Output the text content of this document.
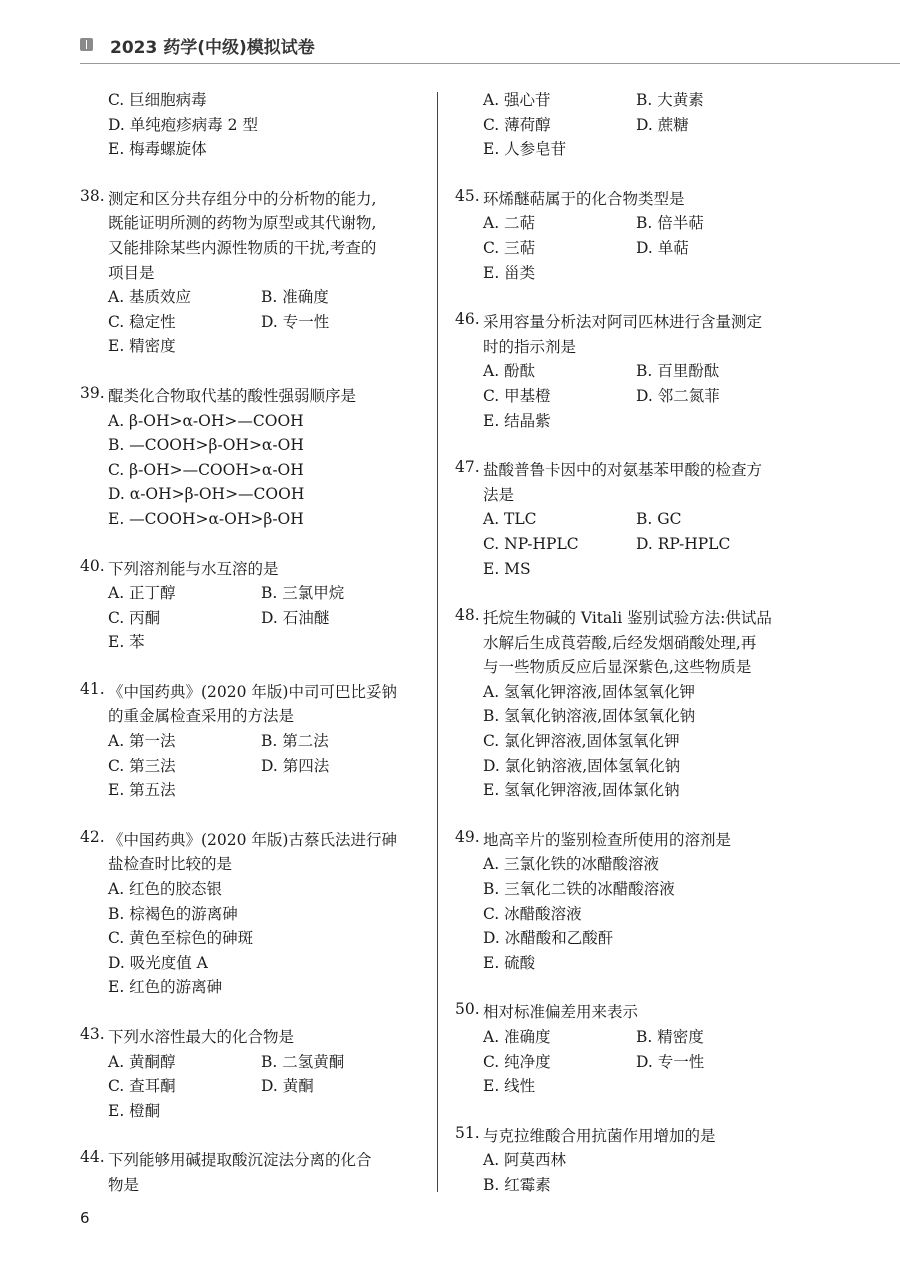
2023 药学(中级)模拟试卷
C. 巨细胞病毒
D. 单纯疱疹病毒 2 型
E. 梅毒螺旋体
38. 测定和区分共存组分中的分析物的能力,
既能证明所测的药物为原型或其代谢物,
又能排除某些内源性物质的干扰,考查的
项目是
A. 基质效应	B. 准确度
C. 稳定性	D. 专一性
E. 精密度
39. 醌类化合物取代基的酸性强弱顺序是
A. β-OH>α-OH>—COOH
B. —COOH>β-OH>α-OH
C. β-OH>—COOH>α-OH
D. α-OH>β-OH>—COOH
E. —COOH>α-OH>β-OH
40. 下列溶剂能与水互溶的是
A. 正丁醇	B. 三氯甲烷
C. 丙酮	D. 石油醚
E. 苯
41. 《中国药典》(2020 年版)中司可巴比妥钠
的重金属检查采用的方法是
A. 第一法	B. 第二法
C. 第三法	D. 第四法
E. 第五法
42. 《中国药典》(2020 年版)古蔡氏法进行砷
盐检查时比较的是
A. 红色的胶态银
B. 棕褐色的游离砷
C. 黄色至棕色的砷斑
D. 吸光度值 A
E. 红色的游离砷
43. 下列水溶性最大的化合物是
A. 黄酮醇	B. 二氢黄酮
C. 查耳酮	D. 黄酮
E. 橙酮
44. 下列能够用碱提取酸沉淀法分离的化合
物是
A. 强心苷	B. 大黄素
C. 薄荷醇	D. 蔗糖
E. 人参皂苷
45. 环烯醚萜属于的化合物类型是
A. 二萜	B. 倍半萜
C. 三萜	D. 单萜
E. 甾类
46. 采用容量分析法对阿司匹林进行含量测定
时的指示剂是
A. 酚酞	B. 百里酚酞
C. 甲基橙	D. 邻二氮菲
E. 结晶紫
47. 盐酸普鲁卡因中的对氨基苯甲酸的检查方
法是
A. TLC	B. GC
C. NP-HPLC	D. RP-HPLC
E. MS
48. 托烷生物碱的 Vitali 鉴别试验方法:供试品
水解后生成莨菪酸,后经发烟硝酸处理,再
与一些物质反应后显深紫色,这些物质是
A. 氢氧化钾溶液,固体氢氧化钾
B. 氢氧化钠溶液,固体氢氧化钠
C. 氯化钾溶液,固体氢氧化钾
D. 氯化钠溶液,固体氢氧化钠
E. 氢氧化钾溶液,固体氯化钠
49. 地高辛片的鉴别检查所使用的溶剂是
A. 三氯化铁的冰醋酸溶液
B. 三氧化二铁的冰醋酸溶液
C. 冰醋酸溶液
D. 冰醋酸和乙酸酐
E. 硫酸
50. 相对标准偏差用来表示
A. 准确度	B. 精密度
C. 纯净度	D. 专一性
E. 线性
51. 与克拉维酸合用抗菌作用增加的是
A. 阿莫西林
B. 红霉素
6
